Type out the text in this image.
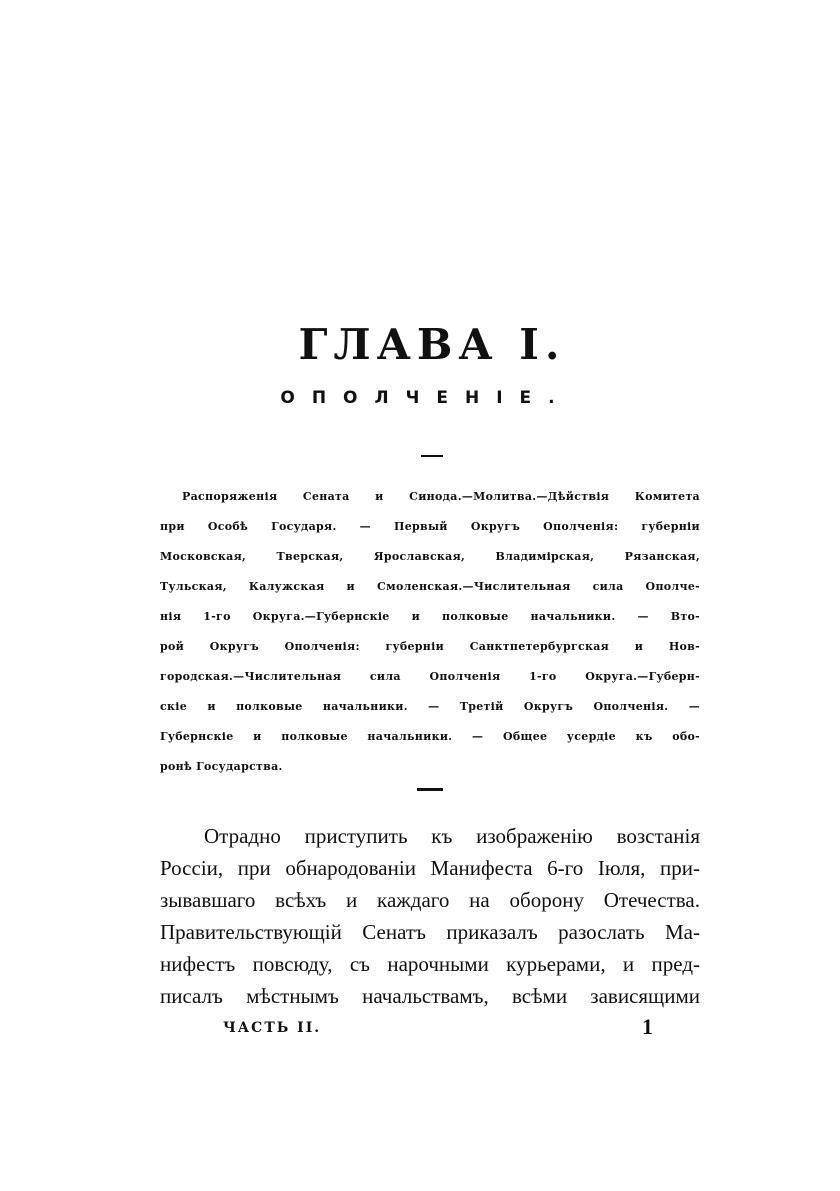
ГЛАВА I.
ОПОЛЧЕНІЕ.
Распоряженія Сената и Синода.—Молитва.—Дѣйствія Комитета
при Особѣ Государя. — Первый Округъ Ополченія: губерніи
Московская, Тверская, Ярославская, Владимірская, Рязанская,
Тульская, Калужская и Смоленская.—Числительная сила Ополче-
нія 1-го Округа.—Губернскіе и полковые начальники. — Вто-
рой Округъ Ополченія: губерніи Санктпетербургская и Нов-
городская.—Числительная сила Ополченія 1-го Округа.—Губерн-
скіе и полковые начальники. — Третій Округъ Ополченія. —
Губернскіе и полковые начальники. — Общее усердіе къ обо-
ронѣ Государства.
Отрадно приступить къ изображенію возстанія
Россіи, при обнародованіи Манифеста 6-го Іюля, при-
зывавшаго всѣхъ и каждаго на оборону Отечества.
Правительствующій Сенатъ приказалъ разослать Ма-
нифестъ повсюду, съ нарочными курьерами, и пред-
писалъ мѣстнымъ начальствамъ, всѣми зависящими
ЧАСТЬ II.	1
